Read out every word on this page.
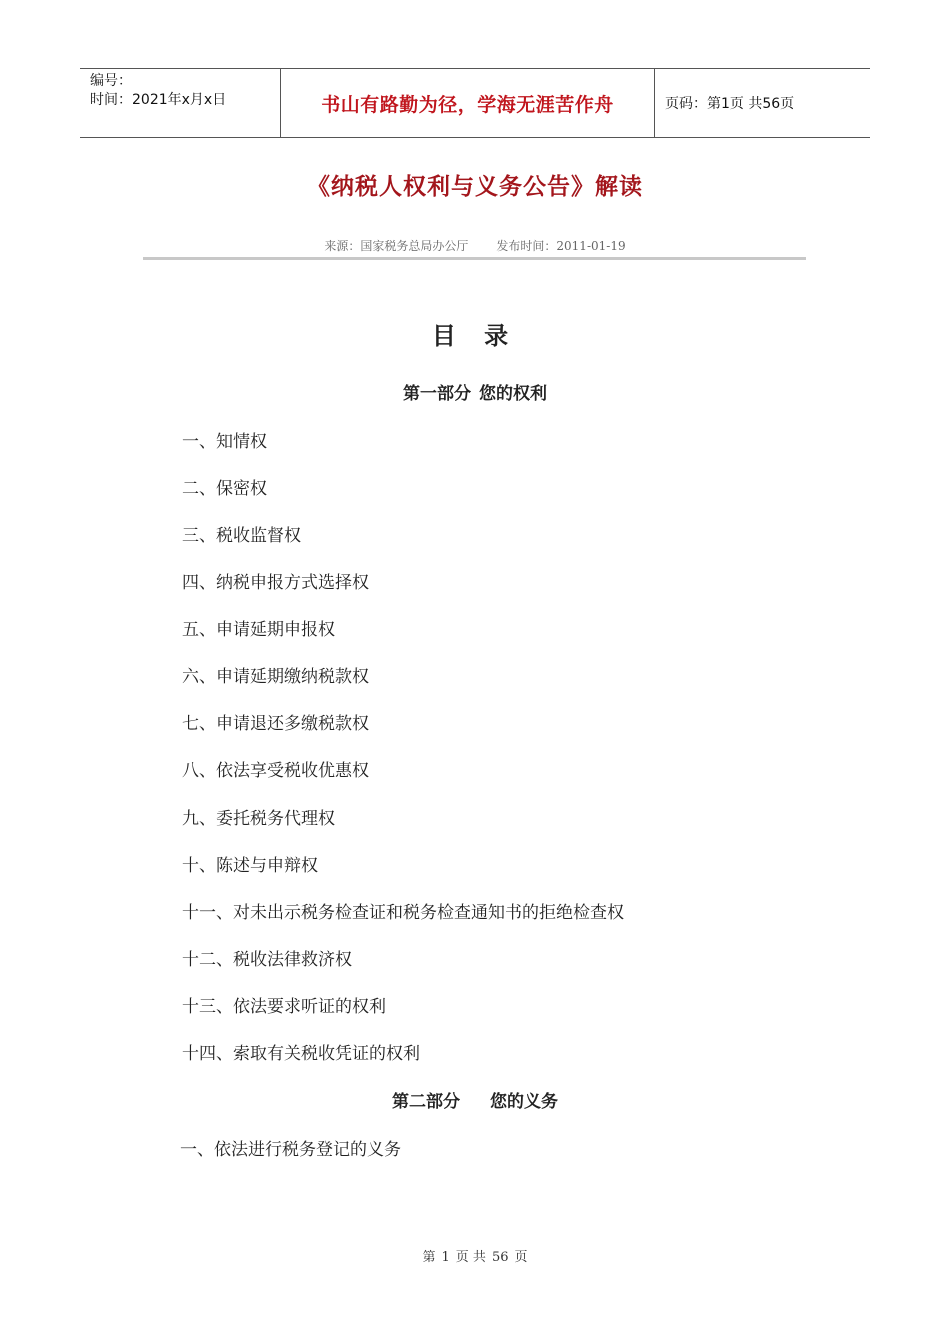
编号：
时间：2021年x月x日	书山有路勤为径，学海无涯苦作舟	页码：第1页 共56页
《纳税人权利与义务公告》解读
来源：国家税务总局办公厅 发布时间：2011-01-19
目 录
第一部分 您的权利
一、知情权
二、保密权
三、税收监督权
四、纳税申报方式选择权
五、申请延期申报权
六、申请延期缴纳税款权
七、申请退还多缴税款权
八、依法享受税收优惠权
九、委托税务代理权
十、陈述与申辩权
十一、对未出示税务检查证和税务检查通知书的拒绝检查权
十二、税收法律救济权
十三、依法要求听证的权利
十四、索取有关税收凭证的权利
第二部分 您的义务
一、依法进行税务登记的义务
第 1 页 共 56 页
